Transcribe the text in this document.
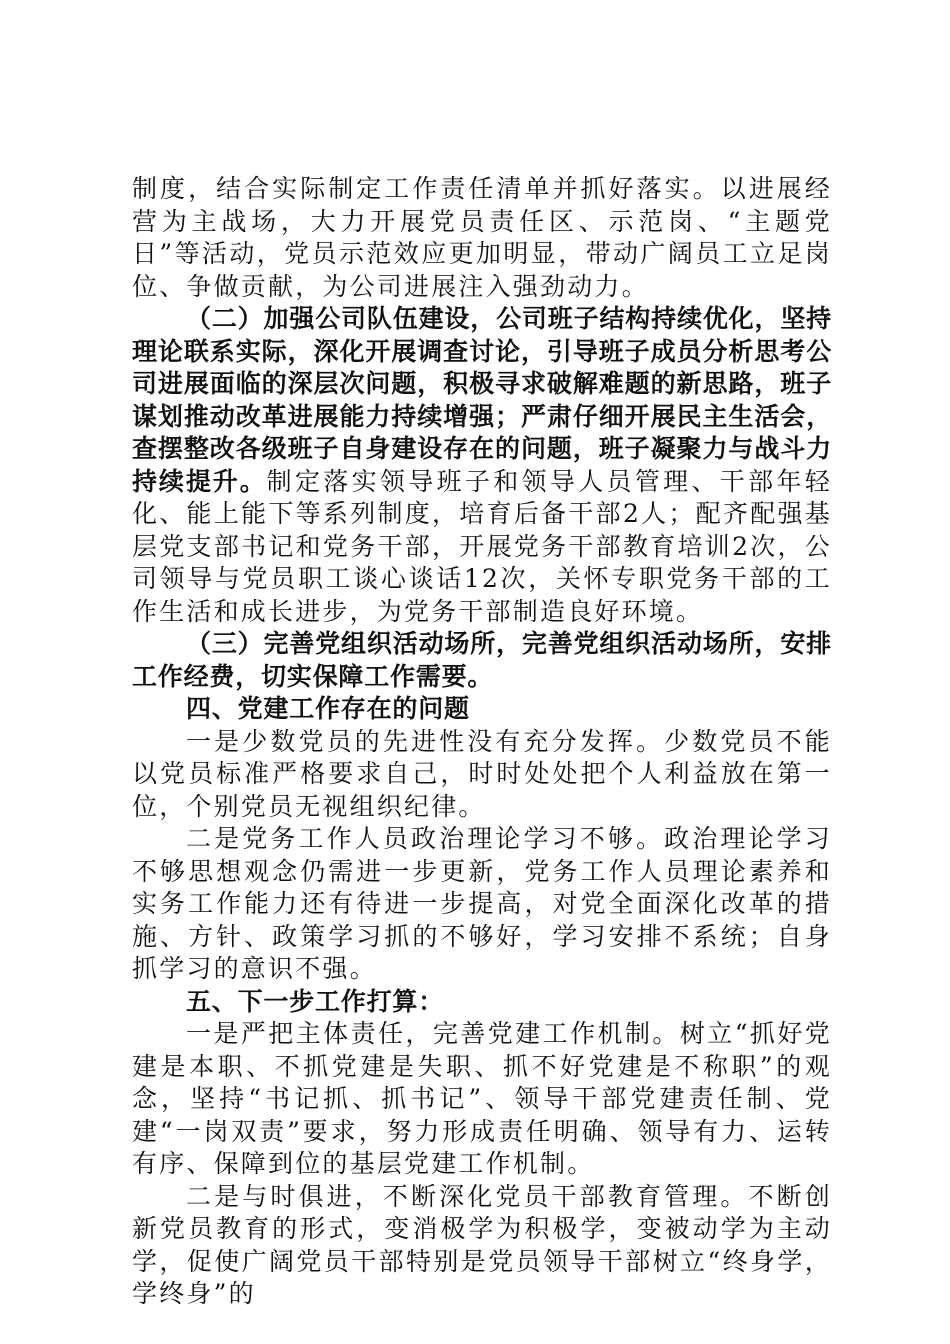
制度，结合实际制定工作责任清单并抓好落实。以进展经营为主战场，大力开展党员责任区、示范岗、“主题党日”等活动，党员示范效应更加明显，带动广阔员工立足岗位、争做贡献，为公司进展注入强劲动力。

（二）加强公司队伍建设，公司班子结构持续优化，坚持理论联系实际，深化开展调查讨论，引导班子成员分析思考公司进展面临的深层次问题，积极寻求破解难题的新思路，班子谋划推动改革进展能力持续增强；严肃仔细开展民主生活会，查摆整改各级班子自身建设存在的问题，班子凝聚力与战斗力持续提升。制定落实领导班子和领导人员管理、干部年轻化、能上能下等系列制度，培育后备干部2人；配齐配强基层党支部书记和党务干部，开展党务干部教育培训2次，公司领导与党员职工谈心谈话12次，关怀专职党务干部的工作生活和成长进步，为党务干部制造良好环境。

（三）完善党组织活动场所，完善党组织活动场所，安排工作经费，切实保障工作需要。

四、党建工作存在的问题

一是少数党员的先进性没有充分发挥。少数党员不能以党员标准严格要求自己，时时处处把个人利益放在第一位，个别党员无视组织纪律。

二是党务工作人员政治理论学习不够。政治理论学习不够思想观念仍需进一步更新，党务工作人员理论素养和实务工作能力还有待进一步提高，对党全面深化改革的措施、方针、政策学习抓的不够好，学习安排不系统；自身抓学习的意识不强。

五、下一步工作打算：

一是严把主体责任，完善党建工作机制。树立“抓好党建是本职、不抓党建是失职、抓不好党建是不称职”的观念，坚持“书记抓、抓书记”、领导干部党建责任制、党建“一岗双责”要求，努力形成责任明确、领导有力、运转有序、保障到位的基层党建工作机制。

二是与时俱进，不断深化党员干部教育管理。不断创新党员教育的形式，变消极学为积极学，变被动学为主动学，促使广阔党员干部特别是党员领导干部树立“终身学，学终身”的
